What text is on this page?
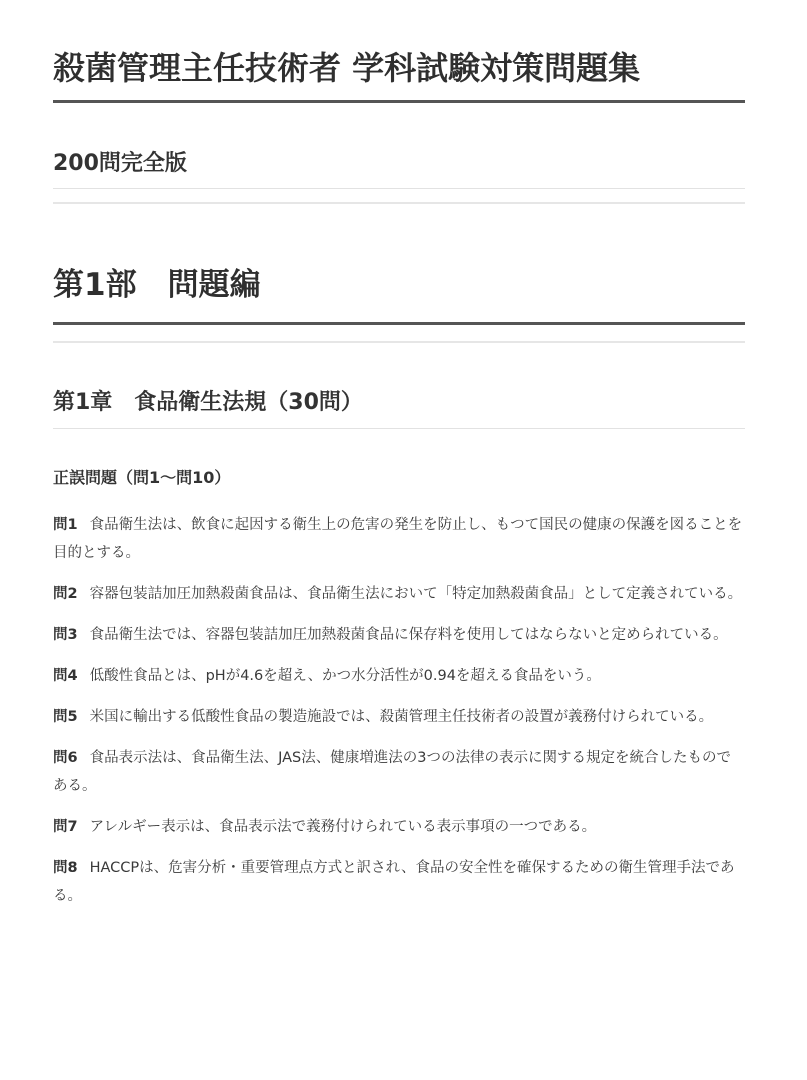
殺菌管理主任技術者 学科試験対策問題集
200問完全版
第1部　問題編
第1章　食品衛生法規（30問）
正誤問題（問1〜問10）
問1 食品衛生法は、飲食に起因する衛生上の危害の発生を防止し、もつて国民の健康の保護を図ることを目的とする。
問2 容器包装詰加圧加熱殺菌食品は、食品衛生法において「特定加熱殺菌食品」として定義されている。
問3 食品衛生法では、容器包装詰加圧加熱殺菌食品に保存料を使用してはならないと定められている。
問4 低酸性食品とは、pHが4.6を超え、かつ水分活性が0.94を超える食品をいう。
問5 米国に輸出する低酸性食品の製造施設では、殺菌管理主任技術者の設置が義務付けられている。
問6 食品表示法は、食品衛生法、JAS法、健康増進法の3つの法律の表示に関する規定を統合したものである。
問7 アレルギー表示は、食品表示法で義務付けられている表示事項の一つである。
問8 HACCPは、危害分析・重要管理点方式と訳され、食品の安全性を確保するための衛生管理手法である。
